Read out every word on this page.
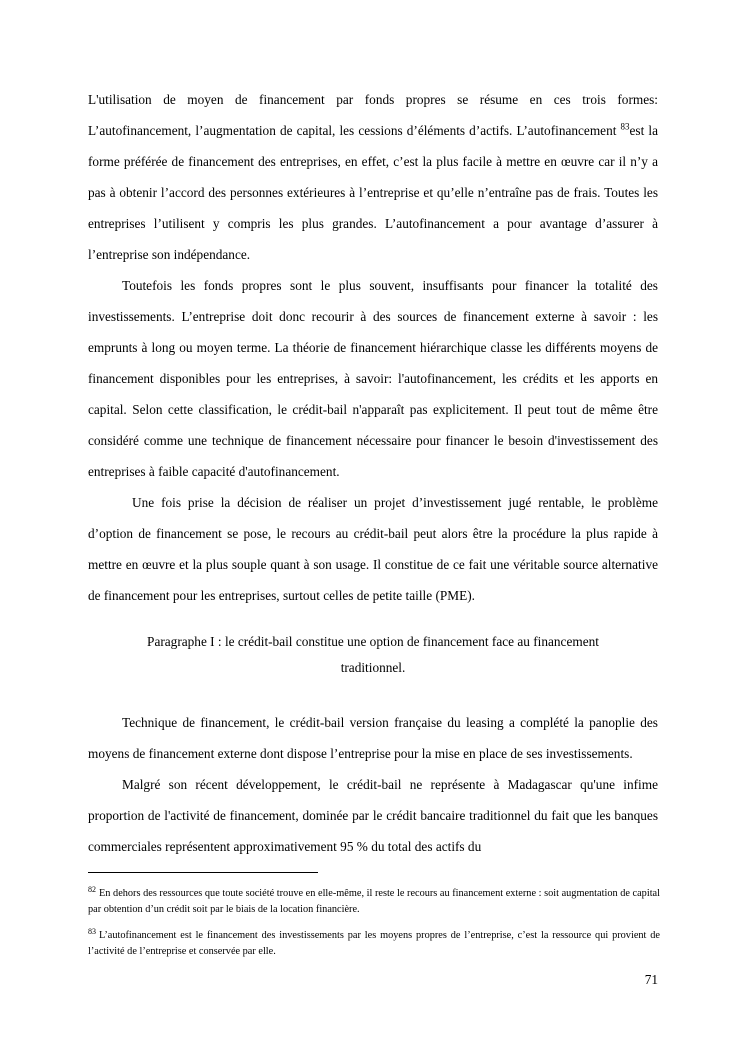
L'utilisation de moyen de financement par fonds propres se résume en ces trois formes: L’autofinancement, l’augmentation de capital, les cessions d’éléments d’actifs. L’autofinancement $^{83}$est la forme préférée de financement des entreprises, en effet, c’est la plus facile à mettre en œuvre car il n’y a pas à obtenir l’accord des personnes extérieures à l’entreprise et qu’elle n’entraîne pas de frais. Toutes les entreprises l’utilisent y compris les plus grandes. L’autofinancement a pour avantage d’assurer à l’entreprise son indépendance.

Toutefois les fonds propres sont le plus souvent, insuffisants pour financer la totalité des investissements. L’entreprise doit donc recourir à des sources de financement externe à savoir : les emprunts à long ou moyen terme. La théorie de financement hiérarchique classe les différents moyens de financement disponibles pour les entreprises, à savoir: l'autofinancement, les crédits et les apports en capital. Selon cette classification, le crédit-bail n'apparaît pas explicitement. Il peut tout de même être considéré comme une technique de financement nécessaire pour financer le besoin d'investissement des entreprises à faible capacité d'autofinancement.

Une fois prise la décision de réaliser un projet d’investissement jugé rentable, le problème d’option de financement se pose, le recours au crédit-bail peut alors être la procédure la plus rapide à mettre en œuvre et la plus souple quant à son usage. Il constitue de ce fait une véritable source alternative de financement pour les entreprises, surtout celles de petite taille (PME).

Paragraphe I : le crédit-bail constitue une option de financement face au financement traditionnel.

Technique de financement, le crédit-bail version française du leasing a complété la panoplie des moyens de financement externe dont dispose l’entreprise pour la mise en place de ses investissements.

Malgré son récent développement, le crédit-bail ne représente à Madagascar qu'une infime proportion de l'activité de financement, dominée par le crédit bancaire traditionnel du fait que les banques commerciales représentent approximativement 95 % du total des actifs du

$^{82}$ En dehors des ressources que toute société trouve en elle-même, il reste le recours au financement externe : soit augmentation de capital par obtention d’un crédit soit par le biais de la location financière.
$^{83}$ L’autofinancement est le financement des investissements par les moyens propres de l’entreprise, c’est la ressource qui provient de l’activité de l’entreprise et conservée par elle.
71
